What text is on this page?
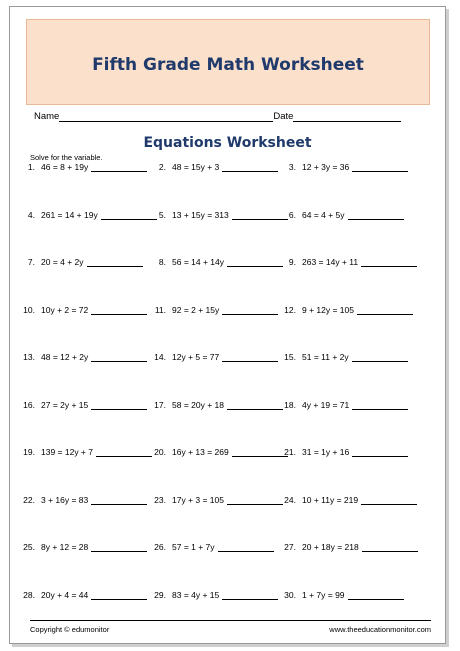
Fifth Grade Math Worksheet
Name	Date
Equations Worksheet
Solve for the variable.
1. 46 = 8 + 19y	2. 48 = 15y + 3	3. 12 + 3y = 36
4. 261 = 14 + 19y	5. 13 + 15y = 313	6. 64 = 4 + 5y
7. 20 = 4 + 2y	8. 56 = 14 + 14y	9. 263 = 14y + 11
10. 10y + 2 = 72	11. 92 = 2 + 15y	12. 9 + 12y = 105
13. 48 = 12 + 2y	14. 12y + 5 = 77	15. 51 = 11 + 2y
16. 27 = 2y + 15	17. 58 = 20y + 18	18. 4y + 19 = 71
19. 139 = 12y + 7	20. 16y + 13 = 269	21. 31 = 1y + 16
22. 3 + 16y = 83	23. 17y + 3 = 105	24. 10 + 11y = 219
25. 8y + 12 = 28	26. 57 = 1 + 7y	27. 20 + 18y = 218
28. 20y + 4 = 44	29. 83 = 4y + 15	30. 1 + 7y = 99
Copyright © edumonitor	www.theeducationmonitor.com
